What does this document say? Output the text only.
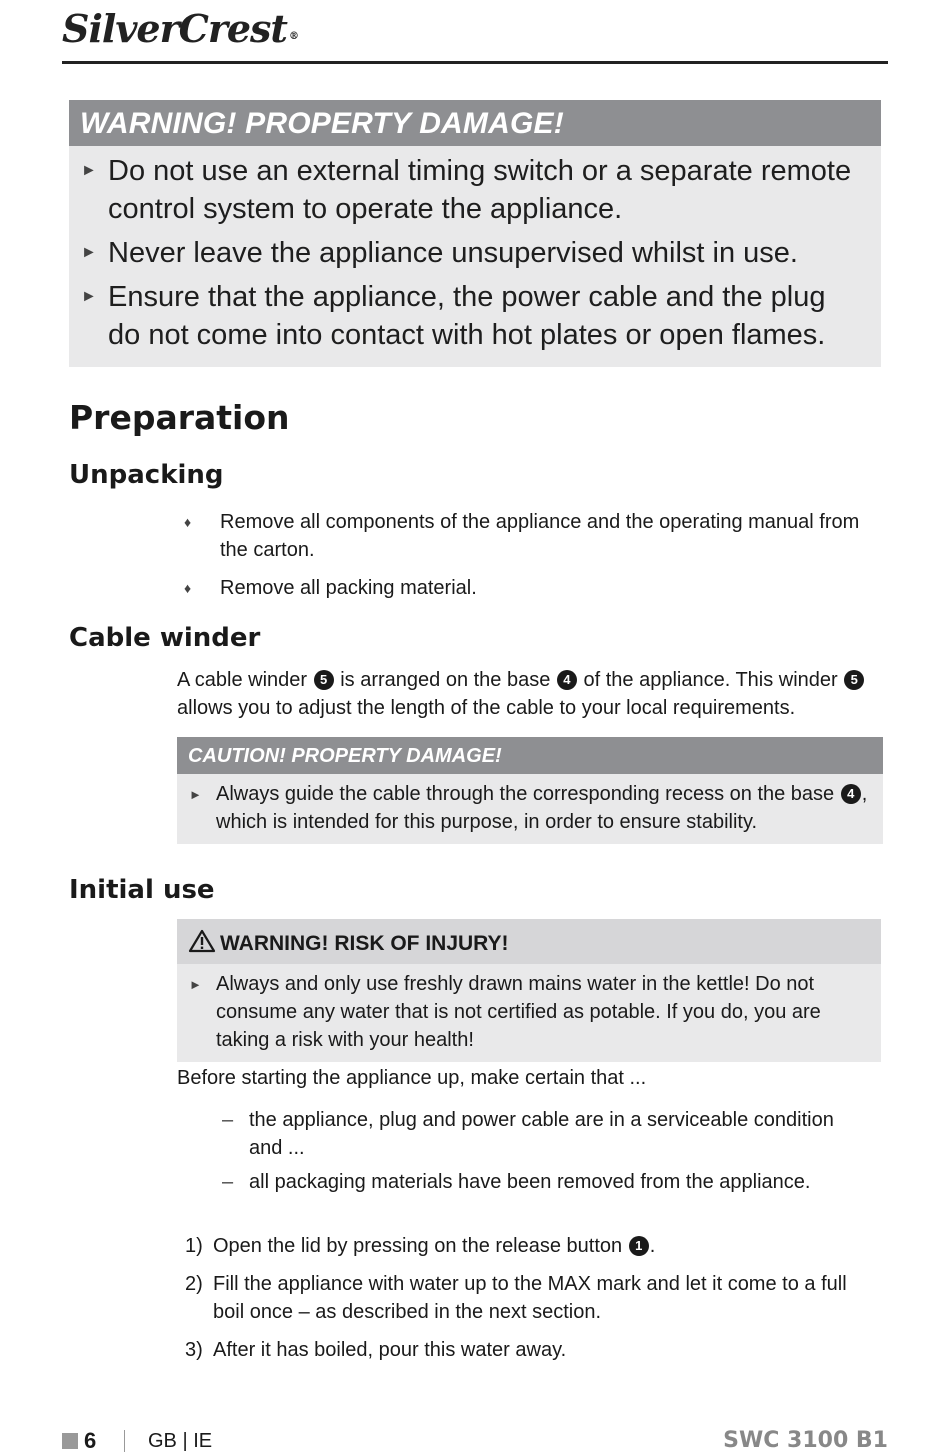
SilverCrest ®
WARNING! PROPERTY DAMAGE!
► Do not use an external timing switch or a separate remote control system to operate the appliance.
► Never leave the appliance unsupervised whilst in use.
► Ensure that the appliance, the power cable and the plug do not come into contact with hot plates or open flames.
Preparation
Unpacking
♦ Remove all components of the appliance and the operating manual from the carton.
♦ Remove all packing material.
Cable winder
A cable winder 5 is arranged on the base 4 of the appliance. This winder 5 allows you to adjust the length of the cable to your local requirements.
CAUTION! PROPERTY DAMAGE!
► Always guide the cable through the corresponding recess on the base 4 , which is intended for this purpose, in order to ensure stability.
Initial use
WARNING! RISK OF INJURY!
► Always and only use freshly drawn mains water in the kettle! Do not consume any water that is not certified as potable. If you do, you are taking a risk with your health!
Before starting the appliance up, make certain that ...
– the appliance, plug and power cable are in a serviceable condition and ...
– all packaging materials have been removed from the appliance.
1) Open the lid by pressing on the release button 1 .
2) Fill the appliance with water up to the MAX mark and let it come to a full boil once – as described in the next section.
3) After it has boiled, pour this water away.
6	GB | IE	SWC 3100 B1
